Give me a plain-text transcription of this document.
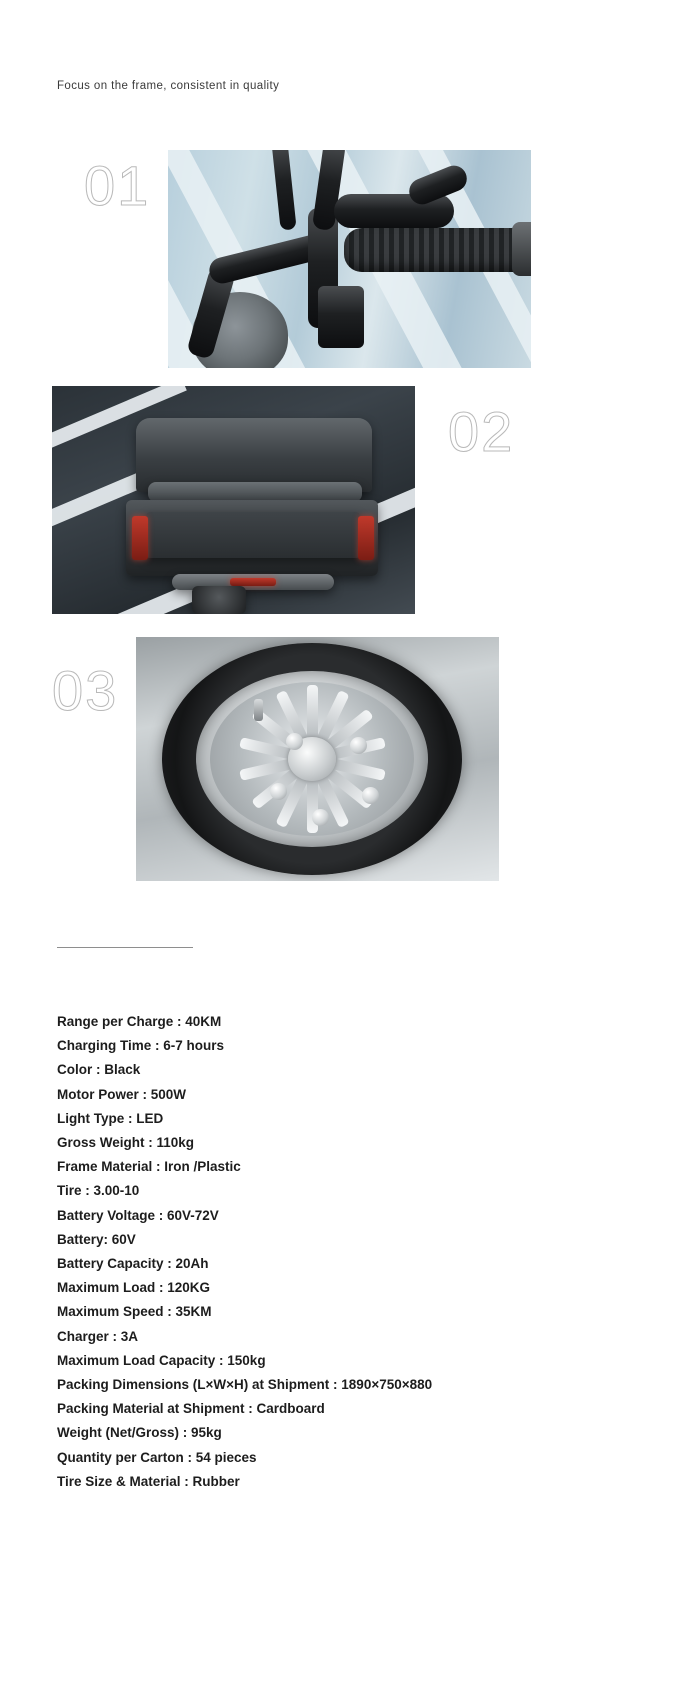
Focus on the frame, consistent in quality
01
02
03
Range per Charge : 40KM
Charging Time : 6-7 hours
Color : Black
Motor Power : 500W
Light Type : LED
Gross Weight : 110kg
Frame Material : Iron /Plastic
Tire : 3.00-10
Battery Voltage : 60V-72V
Battery: 60V
Battery Capacity : 20Ah
Maximum Load : 120KG
Maximum Speed : 35KM
Charger : 3A
Maximum Load Capacity : 150kg
Packing Dimensions (L×W×H) at Shipment : 1890×750×880
Packing Material at Shipment : Cardboard
Weight (Net/Gross) : 95kg
Quantity per Carton : 54 pieces
Tire Size & Material : Rubber
